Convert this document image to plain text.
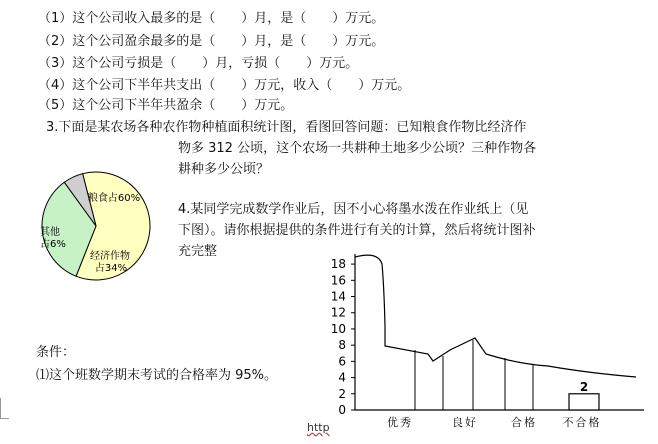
（1）这个公司收入最多的是（　　）月，是（　　）万元。
（2）这个公司盈余最多的是（　　）月，是（　　）万元。
（3）这个公司亏损是（　　）月，亏损（　　）万元。
（4）这个公司下半年共支出（　　）万元，收入（　　）万元。
（5）这个公司下半年共盈余（　　）万元。
3.下面是某农场各种农作物种植面积统计图，看图回答问题：已知粮食作物比经济作
物多 312 公顷，这个农场一共耕种土地多少公顷？三种作物各
耕种多少公顷？
粮食占60%
经济作物
占34%
其他
占6%
4.某同学完成数学作业后，因不小心将墨水泼在作业纸上（见
下图）。请你根据提供的条件进行有关的计算，然后将统计图补
充完整
条件：
⑴这个班数学期末考试的合格率为 95%。
0
2
4
6
8
10
12
14
16
18
优秀	良好	合格 不合格
2
http
